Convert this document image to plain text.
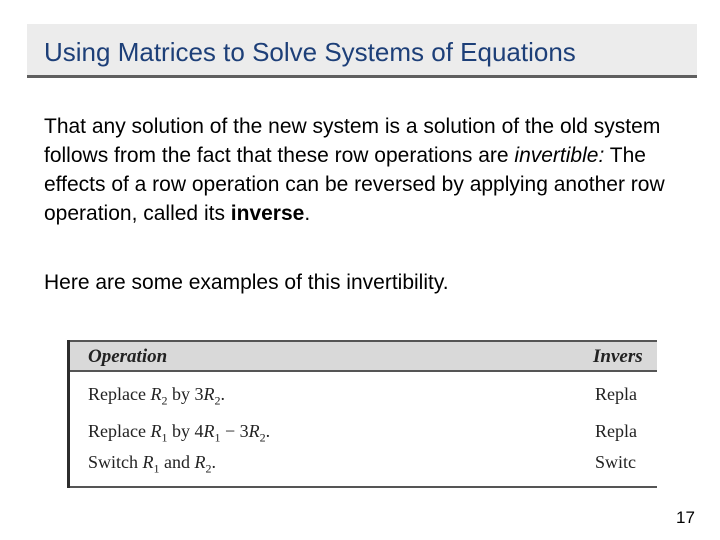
Using Matrices to Solve Systems of Equations
That any solution of the new system is a solution of the old system follows from the fact that these row operations are invertible: The effects of a row operation can be reversed by applying another row operation, called its inverse.
Here are some examples of this invertibility.
Operation	Invers
Replace $R_2$ by $3R_2$.	Repla
Replace $R_1$ by $4R_1 - 3R_2$.	Repla
Switch $R_1$ and $R_2$.	Switc
17
